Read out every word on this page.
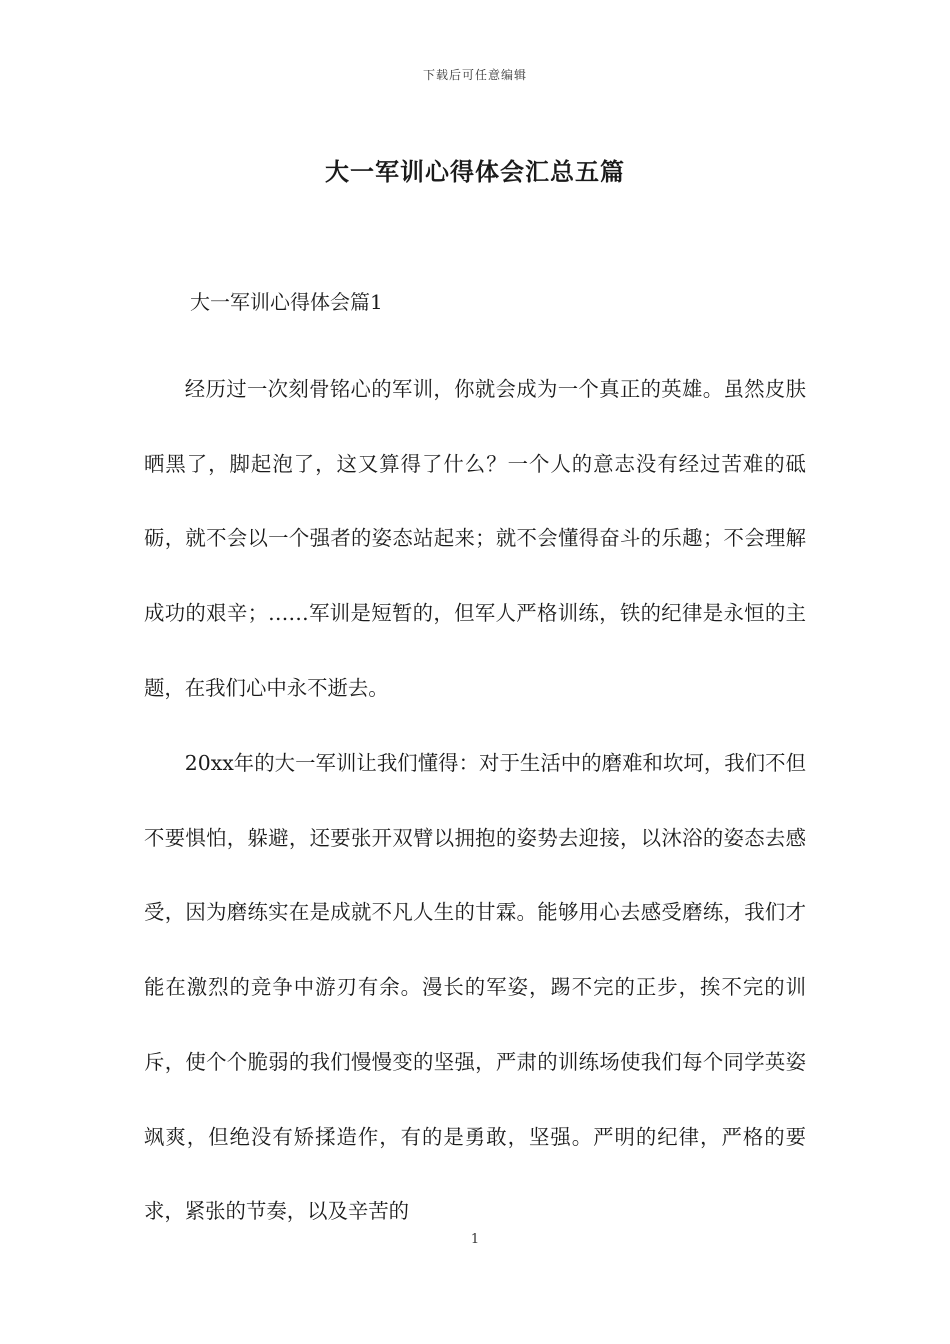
下载后可任意编辑
大一军训心得体会汇总五篇
大一军训心得体会篇1

经历过一次刻骨铭心的军训，你就会成为一个真正的英雄。虽然皮肤晒黑了，脚起泡了，这又算得了什么？一个人的意志没有经过苦难的砥砺，就不会以一个强者的姿态站起来；就不会懂得奋斗的乐趣；不会理解成功的艰辛；……军训是短暂的，但军人严格训练，铁的纪律是永恒的主题，在我们心中永不逝去。

20xx年的大一军训让我们懂得：对于生活中的磨难和坎坷，我们不但不要惧怕，躲避，还要张开双臂以拥抱的姿势去迎接，以沐浴的姿态去感受，因为磨练实在是成就不凡人生的甘霖。能够用心去感受磨练，我们才能在激烈的竞争中游刃有余。漫长的军姿，踢不完的正步，挨不完的训斥，使个个脆弱的我们慢慢变的坚强，严肃的训练场使我们每个同学英姿飒爽，但绝没有矫揉造作，有的是勇敢，坚强。严明的纪律，严格的要求，紧张的节奏，以及辛苦的

1
